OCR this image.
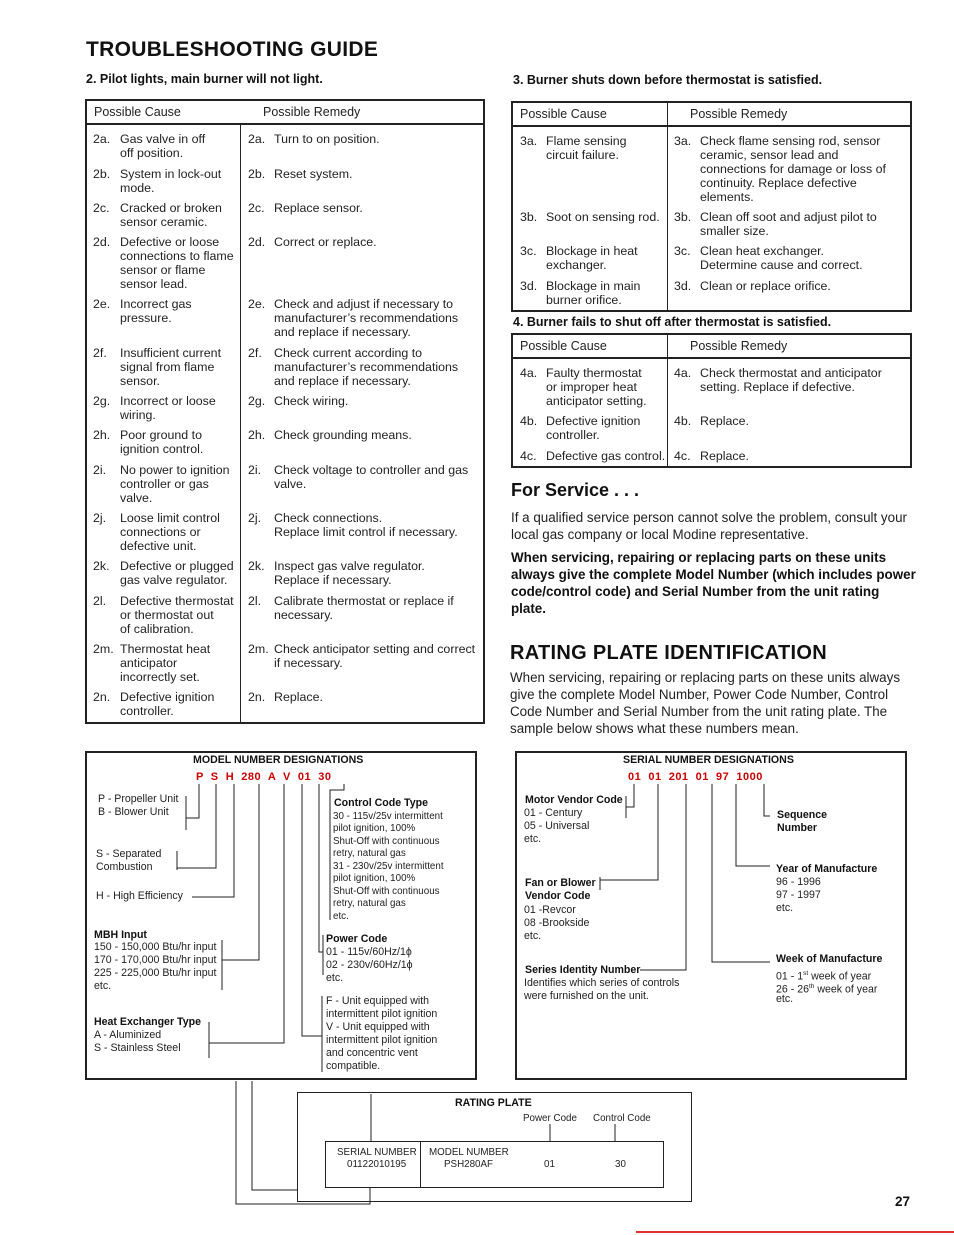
TROUBLESHOOTING GUIDE
2. Pilot lights, main burner will not light.
Possible Cause	Possible Remedy
2a. Gas valve in off
off position.
2a. Turn to on position.
2b. System in lock-out
mode.
2b. Reset system.
2c. Cracked or broken
sensor ceramic.
2c. Replace sensor.
2d. Defective or loose
connections to flame
sensor or flame
sensor lead.
2d. Correct or replace.
2e. Incorrect gas
pressure.
2e. Check and adjust if necessary to
manufacturer’s recommendations
and replace if necessary.
2f. Insufficient current
signal from flame
sensor.
2f. Check current according to
manufacturer’s recommendations
and replace if necessary.
2g. Incorrect or loose
wiring.
2g. Check wiring.
2h. Poor ground to
ignition control.
2h. Check grounding means.
2i. No power to ignition
controller or gas
valve.
2i. Check voltage to controller and gas
valve.
2j. Loose limit control
connections or
defective unit.
2j. Check connections.
Replace limit control if necessary.
2k. Defective or plugged
gas valve regulator.
2k. Inspect gas valve regulator.
Replace if necessary.
2l. Defective thermostat
or thermostat out
of calibration.
2l. Calibrate thermostat or replace if
necessary.
2m. Thermostat heat
anticipator
incorrectly set.
2m. Check anticipator setting and correct
if necessary.
2n. Defective ignition
controller.
2n. Replace.
3. Burner shuts down before thermostat is satisfied.
Possible Cause	Possible Remedy
3a. Flame sensing
circuit failure.
3a. Check flame sensing rod, sensor
ceramic, sensor lead and
connections for damage or loss of
continuity. Replace defective
elements.
3b. Soot on sensing rod.	3b. Clean off soot and adjust pilot to
smaller size.
3c. Blockage in heat
exchanger.
3c. Clean heat exchanger.
Determine cause and correct.
3d. Blockage in main
burner orifice.
3d. Clean or replace orifice.
4. Burner fails to shut off after thermostat is satisfied.
Possible Cause	Possible Remedy
4a. Faulty thermostat
or improper heat
anticipator setting.
4a. Check thermostat and anticipator
setting. Replace if defective.
4b. Defective ignition
controller.
4b. Replace.
4c. Defective gas control. 4c. Replace.
For Service . . .
If a qualified service person cannot solve the problem, consult your local gas company or local Modine representative.
When servicing, repairing or replacing parts on these units always give the complete Model Number (which includes power code/control code) and Serial Number from the unit rating plate.
RATING PLATE IDENTIFICATION
When servicing, repairing or replacing parts on these units always give the complete Model Number, Power Code Number, Control Code Number and Serial Number from the unit rating plate. The sample below shows what these numbers mean.
MODEL NUMBER DESIGNATIONS
P  S  H  280  A  V  01  30
P - Propeller Unit
B - Blower Unit
S - Separated
Combustion
H - High Efficiency
MBH Input
150 - 150,000 Btu/hr input
170 - 170,000 Btu/hr input
225 - 225,000 Btu/hr input
etc.
Heat Exchanger Type
A - Aluminized
S - Stainless Steel
Control Code Type
30 - 115v/25v intermittent
pilot ignition, 100%
Shut-Off with continuous
retry, natural gas
31 - 230v/25v intermittent
pilot ignition, 100%
Shut-Off with continuous
retry, natural gas
etc.
Power Code
01 - 115v/60Hz/1ϕ
02 - 230v/60Hz/1ϕ
etc.
F - Unit equipped with
intermittent pilot ignition
V - Unit equipped with
intermittent pilot ignition
and concentric vent
compatible.
SERIAL NUMBER DESIGNATIONS
01  01  201  01  97  1000
Motor Vendor Code
01 - Century
05 - Universal
etc.
Fan or Blower
Vendor Code
01 -Revcor
08 -Brookside
etc.
Series Identity Number
Identifies which series of controls
were furnished on the unit.
Sequence
Number
Year of Manufacture
96 - 1996
97 - 1997
etc.
Week of Manufacture
01 - 1st week of year
26 - 26th week of year
etc.
RATING PLATE
Power Code Control Code
SERIAL NUMBER
01122010195
MODEL NUMBER
PSH280AF	01	30
27
